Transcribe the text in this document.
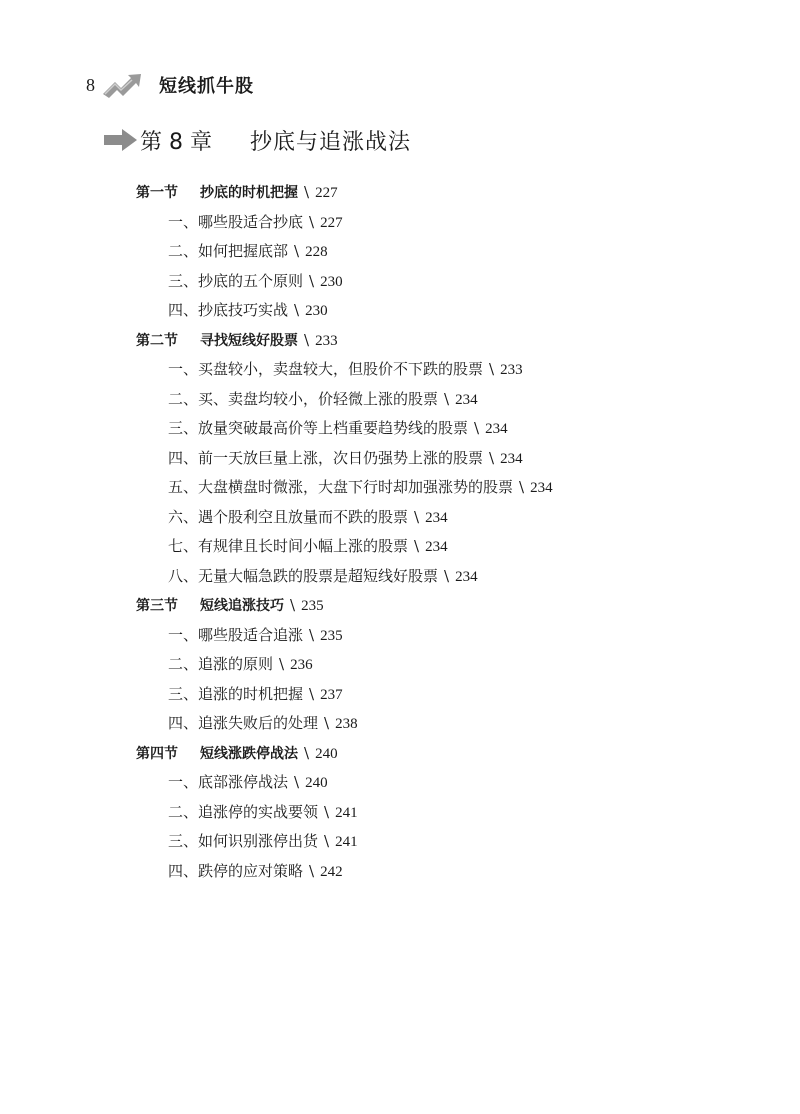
8	短线抓牛股
第 8 章 抄底与追涨战法
第一节 抄底的时机把握 \ 227
一、哪些股适合抄底 \ 227
二、如何把握底部 \ 228
三、抄底的五个原则 \ 230
四、抄底技巧实战 \ 230
第二节 寻找短线好股票 \ 233
一、买盘较小，卖盘较大，但股价不下跌的股票 \ 233
二、买、卖盘均较小，价轻微上涨的股票 \ 234
三、放量突破最高价等上档重要趋势线的股票 \ 234
四、前一天放巨量上涨，次日仍强势上涨的股票 \ 234
五、大盘横盘时微涨，大盘下行时却加强涨势的股票 \ 234
六、遇个股利空且放量而不跌的股票 \ 234
七、有规律且长时间小幅上涨的股票 \ 234
八、无量大幅急跌的股票是超短线好股票 \ 234
第三节 短线追涨技巧 \ 235
一、哪些股适合追涨 \ 235
二、追涨的原则 \ 236
三、追涨的时机把握 \ 237
四、追涨失败后的处理 \ 238
第四节 短线涨跌停战法 \ 240
一、底部涨停战法 \ 240
二、追涨停的实战要领 \ 241
三、如何识别涨停出货 \ 241
四、跌停的应对策略 \ 242
